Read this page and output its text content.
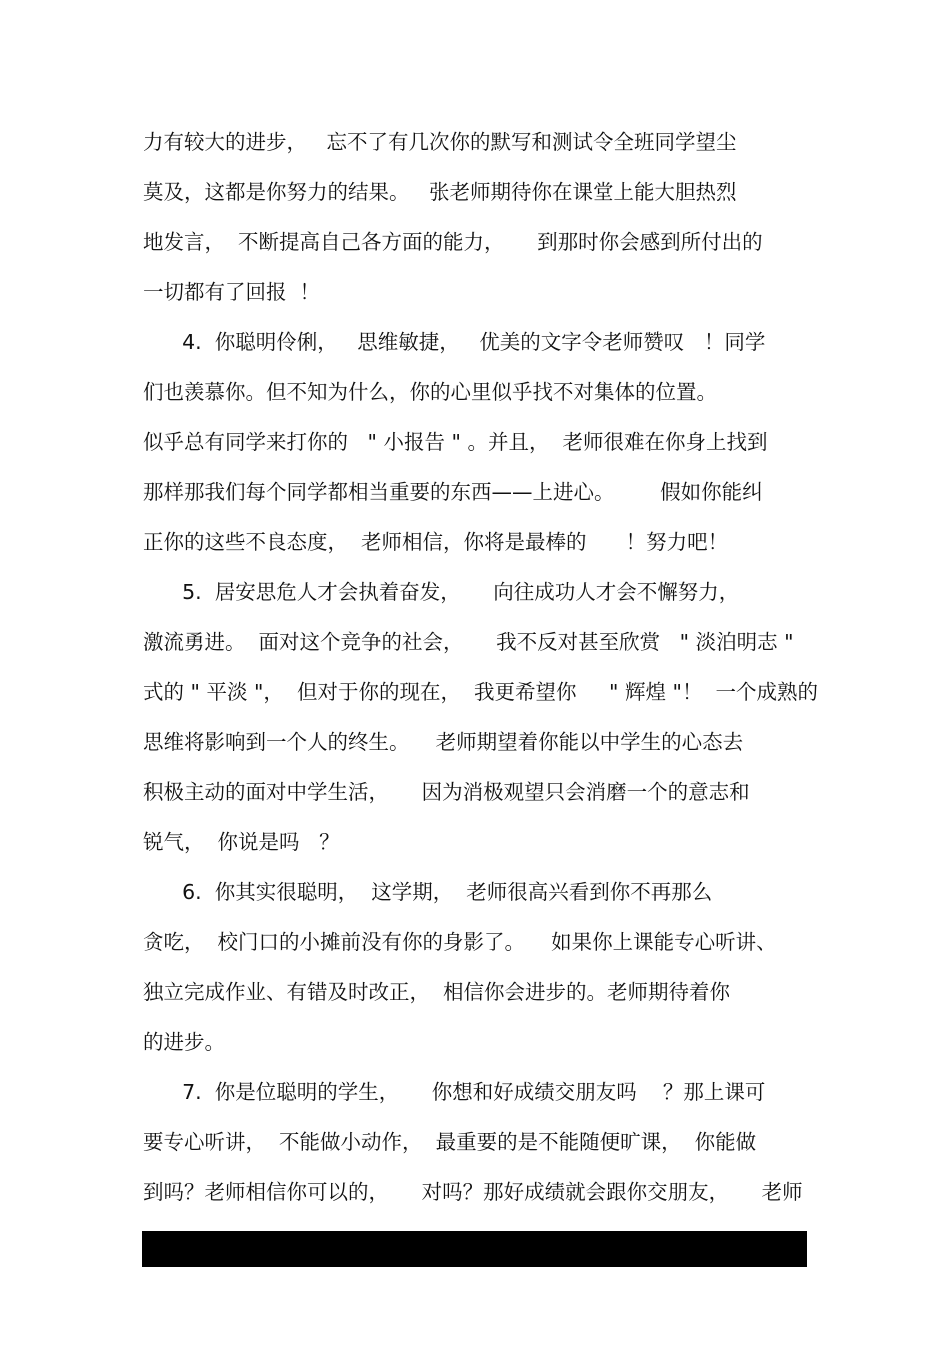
力有较大的进步，   忘不了有几次你的默写和测试令全班同学望尘
莫及，这都是你努力的结果。   张老师期待你在课堂上能大胆热烈
地发言，  不断提高自己各方面的能力，     到那时你会感到所付出的
一切都有了回报  ！
4.  你聪明伶俐，   思维敏捷，   优美的文字令老师赞叹   ！同学
们也羡慕你。但不知为什么，你的心里似乎找不对集体的位置。
似乎总有同学来打你的   " 小报告 " 。并且，  老师很难在你身上找到
那样那我们每个同学都相当重要的东西——上进心。       假如你能纠
正你的这些不良态度，  老师相信，你将是最棒的      ！努力吧！
5.  居安思危人才会执着奋发，     向往成功人才会不懈努力，
激流勇进。  面对这个竞争的社会，     我不反对甚至欣赏   " 淡泊明志 "
式的 " 平淡 "，  但对于你的现在，  我更希望你     " 辉煌 "！  一个成熟的
思维将影响到一个人的终生。    老师期望着你能以中学生的心态去
积极主动的面对中学生活，     因为消极观望只会消磨一个的意志和
锐气，  你说是吗   ？
6.  你其实很聪明，  这学期，  老师很高兴看到你不再那么
贪吃，  校门口的小摊前没有你的身影了。    如果你上课能专心听讲、
独立完成作业、有错及时改正，  相信你会进步的。老师期待着你
的进步。
7.  你是位聪明的学生，     你想和好成绩交朋友吗    ？那上课可
要专心听讲，  不能做小动作，  最重要的是不能随便旷课，  你能做
到吗？老师相信你可以的，     对吗？那好成绩就会跟你交朋友，     老师
